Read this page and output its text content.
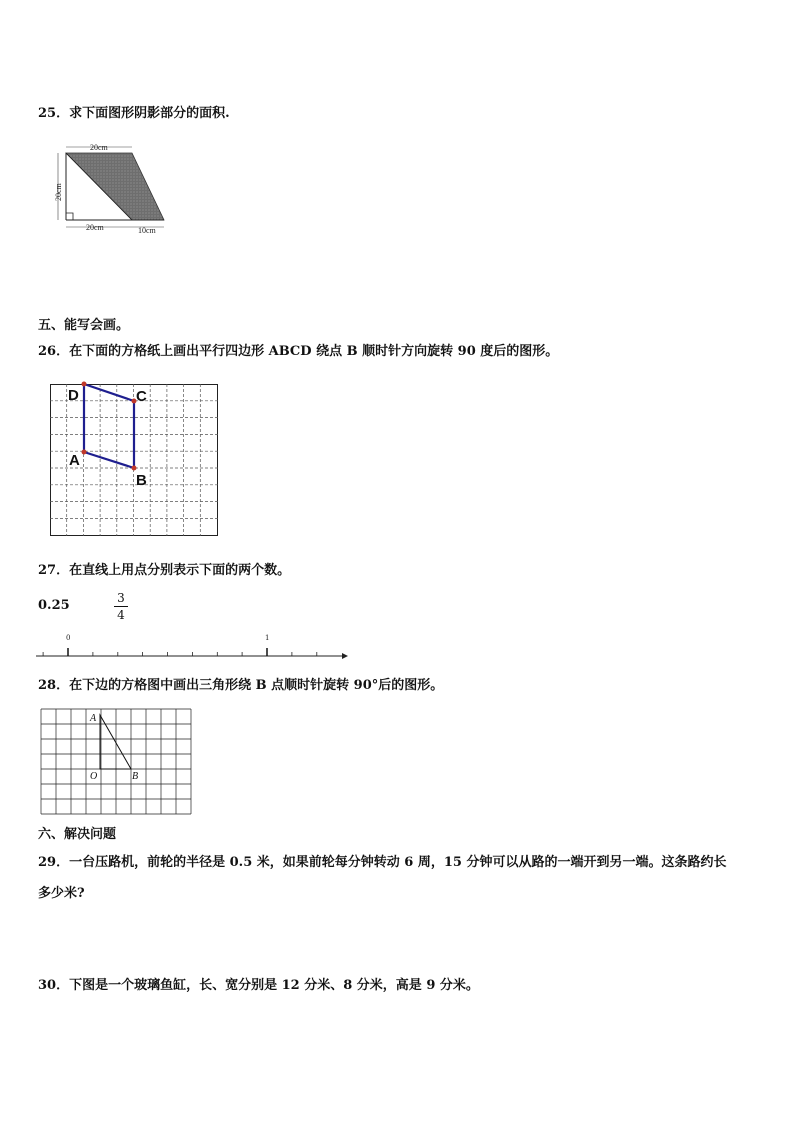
25．求下面图形阴影部分的面积.
20cm
20cm
20cm	10cm
五、能写会画。
26．在下面的方格纸上画出平行四边形 ABCD 绕点 B 顺时针方向旋转 90 度后的图形。
D	C
A
B
27．在直线上用点分别表示下面的两个数。
0.25	3
4
0	1
28．在下边的方格图中画出三角形绕 B 点顺时针旋转 90°后的图形。
A
O	B
六、解决问题
29．一台压路机，前轮的半径是 0.5 米，如果前轮每分钟转动 6 周，15 分钟可以从路的一端开到另一端。这条路约长
多少米?
30．下图是一个玻璃鱼缸，长、宽分别是 12 分米、8 分米，高是 9 分米。
